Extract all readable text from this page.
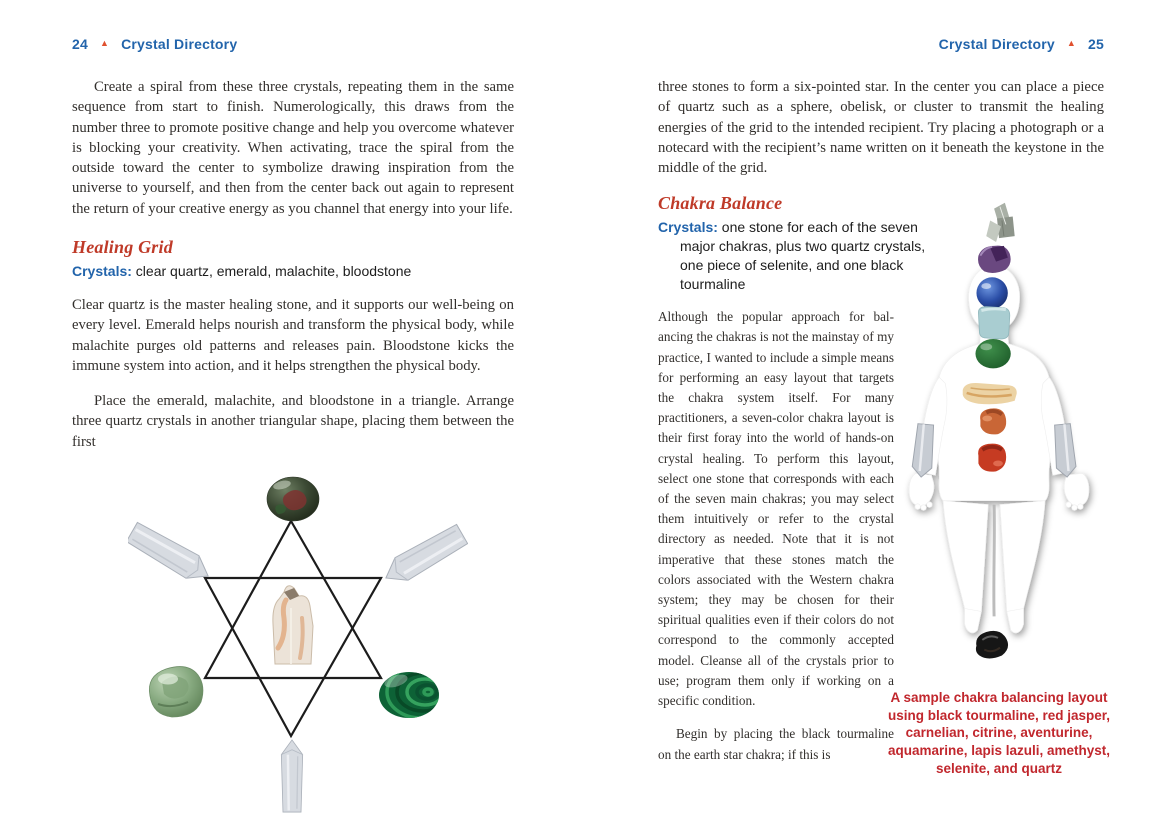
24 ▲ Crystal Directory

Create a spiral from these three crystals, repeating them in the same sequence from start to finish. Numerologically, this draws from the number three to promote positive change and help you overcome whatever is blocking your creativity. When activating, trace the spiral from the outside toward the center to symbolize drawing inspiration from the universe to yourself, and then from the center back out again to represent the return of your creative energy as you channel that energy into your life.

Healing Grid
Crystals: clear quartz, emerald, malachite, bloodstone

Clear quartz is the master healing stone, and it supports our well-being on every level. Emerald helps nourish and transform the physical body, while malachite purges old patterns and releases pain. Bloodstone kicks the immune system into action, and it helps strengthen the physical body.

Place the emerald, malachite, and bloodstone in a triangle. Arrange three quartz crystals in another triangular shape, placing them between the first

Crystal Directory ▲ 25

three stones to form a six-pointed star. In the center you can place a piece of quartz such as a sphere, obelisk, or cluster to transmit the healing energies of the grid to the intended recipient. Try placing a photograph or a notecard with the recipient’s name written on it beneath the keystone in the middle of the grid.

Chakra Balance
Crystals: one stone for each of the seven major chakras, plus two quartz crystals, one piece of selenite, and one black tourmaline

Although the popular approach for balancing the chakras is not the mainstay of my practice, I wanted to include a simple means for performing an easy layout that targets the chakra system itself. For many practitioners, a seven-color chakra layout is their first foray into the world of hands-on crystal healing. To perform this layout, select one stone that corresponds with each of the seven main chakras; you may select them intuitively or refer to the crystal directory as needed. Note that it is not imperative that these stones match the colors associated with the Western chakra system; they may be chosen for their spiritual qualities even if their colors do not correspond to the commonly accepted model. Cleanse all of the crystals prior to use; program them only if working on a specific condition.

Begin by placing the black tourmaline on the earth star chakra; if this is

A sample chakra balancing layout using black tourmaline, red jasper, carnelian, citrine, aventurine, aquamarine, lapis lazuli, amethyst, selenite, and quartz
